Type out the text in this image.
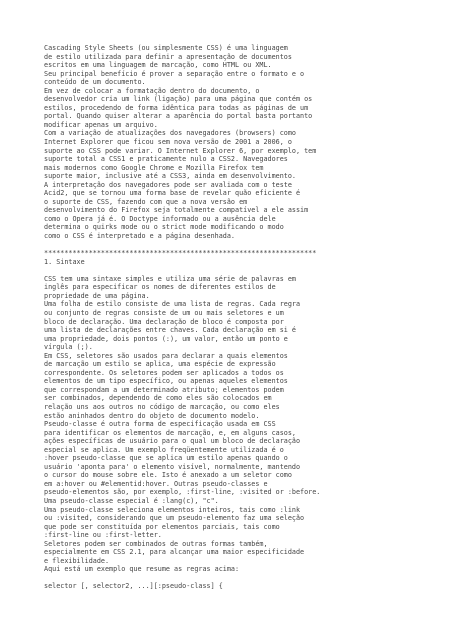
Cascading Style Sheets (ou simplesmente CSS) é uma linguagem
de estilo utilizada para definir a apresentação de documentos
escritos em uma linguagem de marcação, como HTML ou XML.
Seu principal benefício é prover a separação entre o formato e o
conteúdo de um documento.
Em vez de colocar a formatação dentro do documento, o
desenvolvedor cria um link (ligação) para uma página que contém os
estilos, procedendo de forma idêntica para todas as páginas de um
portal. Quando quiser alterar a aparência do portal basta portanto
modificar apenas um arquivo.
Com a variação de atualizações dos navegadores (browsers) como
Internet Explorer que ficou sem nova versão de 2001 a 2006, o
suporte ao CSS pode variar. O Internet Explorer 6, por exemplo, tem
suporte total a CSS1 e praticamente nulo a CSS2. Navegadores
mais modernos como Google Chrome e Mozilla Firefox tem
suporte maior, inclusive até a CSS3, ainda em desenvolvimento.
A interpretação dos navegadores pode ser avaliada com o teste
Acid2, que se tornou uma forma base de revelar quão eficiente é
o suporte de CSS, fazendo com que a nova versão em
desenvolvimento do Firefox seja totalmente compatível a ele assim
como o Opera já é. O Doctype informado ou a ausência dele
determina o quirks mode ou o strict mode modificando o modo
como o CSS é interpretado e a página desenhada.

*******************************************************************
1. Sintaxe

CSS tem uma sintaxe simples e utiliza uma série de palavras em
inglês para especificar os nomes de diferentes estilos de
propriedade de uma página.
Uma folha de estilo consiste de uma lista de regras. Cada regra
ou conjunto de regras consiste de um ou mais seletores e um
bloco de declaração. Uma declaração de bloco é composta por
uma lista de declarações entre chaves. Cada declaração em si é
uma propriedade, dois pontos (:), um valor, então um ponto e
vírgula (;).
Em CSS, seletores são usados para declarar a quais elementos
de marcação um estilo se aplica, uma espécie de expressão
correspondente. Os seletores podem ser aplicados a todos os
elementos de um tipo específico, ou apenas aqueles elementos
que correspondam a um determinado atributo; elementos podem
ser combinados, dependendo de como eles são colocados em
relação uns aos outros no código de marcação, ou como eles
estão aninhados dentro do objeto de documento modelo.
Pseudo-classe é outra forma de especificação usada em CSS
para identificar os elementos de marcação, e, em alguns casos,
ações específicas de usuário para o qual um bloco de declaração
especial se aplica. Um exemplo freqüentemente utilizada é o
:hover pseudo-classe que se aplica um estilo apenas quando o
usuário 'aponta para' o elemento visível, normalmente, mantendo
o cursor do mouse sobre ele. Isto é anexado a um seletor como
em a:hover ou #elementid:hover. Outras pseudo-classes e
pseudo-elementos são, por exemplo, :first-line, :visited or :before.
Uma pseudo-classe especial é :lang(c), "c".
Uma pseudo-classe seleciona elementos inteiros, tais como :link
ou :visited, considerando que um pseudo-elemento faz uma seleção
que pode ser constituída por elementos parciais, tais como
:first-line ou :first-letter.
Seletores podem ser combinados de outras formas também,
especialmente em CSS 2.1, para alcançar uma maior especificidade
e flexibilidade.
Aqui está um exemplo que resume as regras acima:

selector [, selector2, ...][:pseudo-class] {
